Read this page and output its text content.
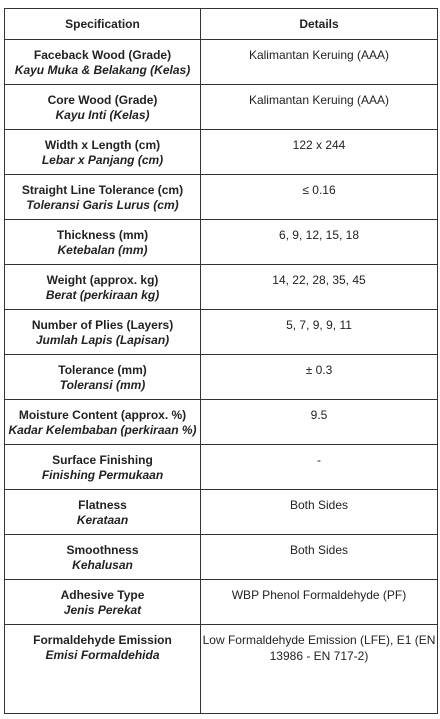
Specification	Details

Faceback Wood (Grade)
Kayu Muka & Belakang (Kelas)	Kalimantan Keruing (AAA)

Core Wood (Grade)
Kayu Inti (Kelas)	Kalimantan Keruing (AAA)

Width x Length (cm)
Lebar x Panjang (cm)	122 x 244

Straight Line Tolerance (cm)
Toleransi Garis Lurus (cm)	≤ 0.16

Thickness (mm)
Ketebalan (mm)	6, 9, 12, 15, 18

Weight (approx. kg)
Berat (perkiraan kg)	14, 22, 28, 35, 45

Number of Plies (Layers)
Jumlah Lapis (Lapisan)	5, 7, 9, 9, 11

Tolerance (mm)
Toleransi (mm)	± 0.3

Moisture Content (approx. %)
Kadar Kelembaban (perkiraan %)	9.5

Surface Finishing
Finishing Permukaan	-

Flatness
Kerataan	Both Sides

Smoothness
Kehalusan	Both Sides

Adhesive Type
Jenis Perekat	WBP Phenol Formaldehyde (PF)

Formaldehyde Emission
Emisi Formaldehida	Low Formaldehyde Emission (LFE), E1 (EN 13986 - EN 717-2)
